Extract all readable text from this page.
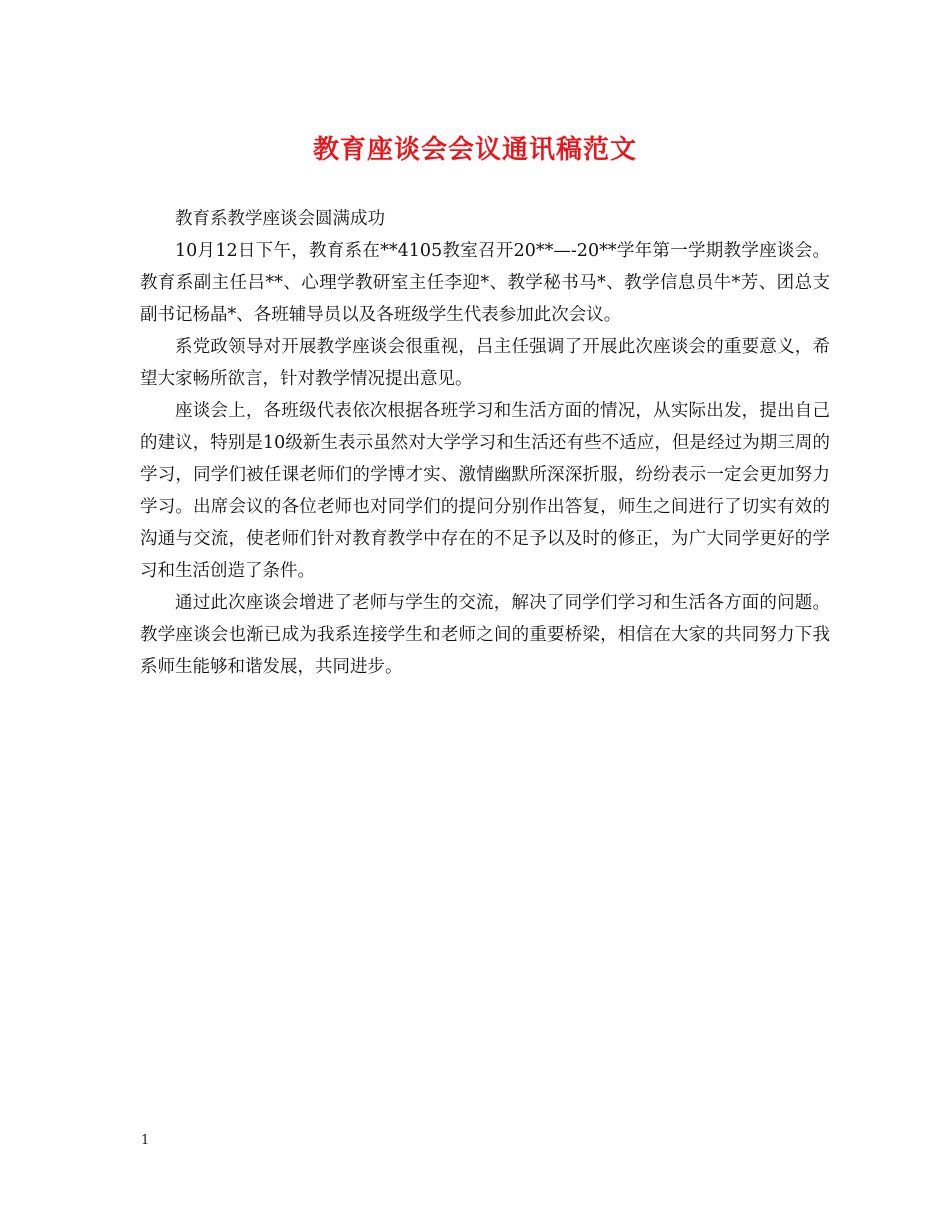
教育座谈会会议通讯稿范文

教育系教学座谈会圆满成功

10月12日下午，教育系在**4105教室召开20**—-20**学年第一学期教学座谈会。教育系副主任吕**、心理学教研室主任李迎*、教学秘书马*、教学信息员牛*芳、团总支副书记杨晶*、各班辅导员以及各班级学生代表参加此次会议。

系党政领导对开展教学座谈会很重视，吕主任强调了开展此次座谈会的重要意义，希望大家畅所欲言，针对教学情况提出意见。

座谈会上，各班级代表依次根据各班学习和生活方面的情况，从实际出发，提出自己的建议，特别是10级新生表示虽然对大学学习和生活还有些不适应，但是经过为期三周的学习，同学们被任课老师们的学博才实、激情幽默所深深折服，纷纷表示一定会更加努力学习。出席会议的各位老师也对同学们的提问分别作出答复，师生之间进行了切实有效的沟通与交流，使老师们针对教育教学中存在的不足予以及时的修正，为广大同学更好的学习和生活创造了条件。

通过此次座谈会增进了老师与学生的交流，解决了同学们学习和生活各方面的问题。教学座谈会也渐已成为我系连接学生和老师之间的重要桥梁，相信在大家的共同努力下我系师生能够和谐发展，共同进步。

1
